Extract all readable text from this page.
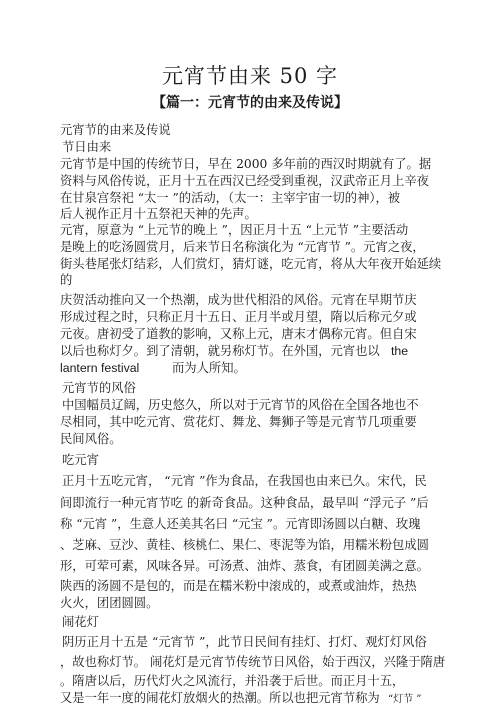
元宵节由来 50 字
【篇一：元宵节的由来及传说】
元宵节的由来及传说
节日由来
元宵节是中国的传统节日，早在 2000 多年前的西汉时期就有了。据
资料与风俗传说，正月十五在西汉已经受到重视，汉武帝正月上辛夜
在甘泉宫祭祀 “太一 ”的活动，（太一：主宰宇宙一切的神），被
后人视作正月十五祭祀天神的先声。
元宵，原意为 “上元节的晚上 ”，因正月十五 “上元节 ”主要活动
是晚上的吃汤圆赏月，后来节日名称演化为 “元宵节 ”。元宵之夜，
街头巷尾张灯结彩，人们赏灯，猜灯谜，吃元宵，将从大年夜开始延续
的
庆贺活动推向又一个热潮，成为世代相沿的风俗。元宵在早期节庆
形成过程之时，只称正月十五日、正月半或月望，隋以后称元夕或
元夜。唐初受了道教的影响，又称上元，唐末才偶称元宵。但自宋
以后也称灯夕。到了清朝，就另称灯节。在外国，元宵也以 the
lantern festival	而为人所知。
元宵节的风俗
中国幅员辽阔，历史悠久，所以对于元宵节的风俗在全国各地也不
尽相同，其中吃元宵、赏花灯、舞龙、舞狮子等是元宵节几项重要
民间风俗。
吃元宵
正月十五吃元宵， “元宵 ”作为食品，在我国也由来已久。宋代，民
间即流行一种元宵节吃 的新奇食品。这种食品，最早叫 “浮元子 ”后
称 “元宵 ”，生意人还美其名曰 “元宝 ”。元宵即汤圆以白糖、玫瑰
、芝麻、豆沙、黄桂、核桃仁、果仁、枣泥等为馅，用糯米粉包成圆
形，可荤可素，风味各异。可汤煮、油炸、蒸食，有团圆美满之意。
陕西的汤圆不是包的，而是在糯米粉中滚成的，或煮或油炸，热热
火火，团团圆圆。
闹花灯
阴历正月十五是 “元宵节 ”，此节日民间有挂灯、打灯、观灯灯风俗
，故也称灯节。 闹花灯是元宵节传统节日风俗，始于西汉，兴隆于隋唐
。隋唐以后，历代灯火之风流行，并沿袭于后世。而正月十五，
又是一年一度的闹花灯放烟火的热潮。所以也把元宵节称为 “灯节 ”
